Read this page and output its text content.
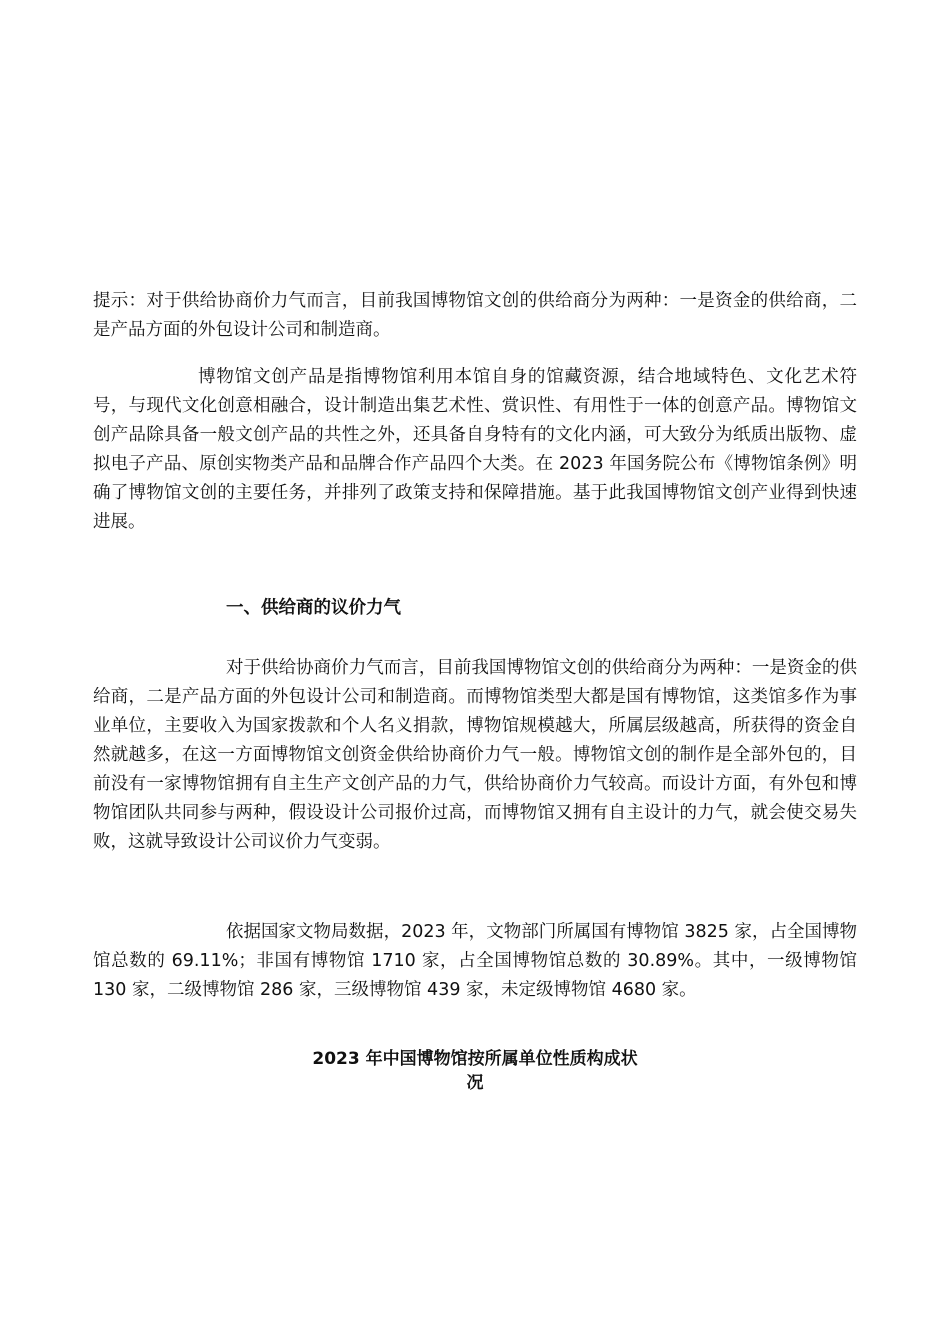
提示：对于供给协商价力气而言，目前我国博物馆文创的供给商分为两种：一是资金的供给商，二是产品方面的外包设计公司和制造商。

博物馆文创产品是指博物馆利用本馆自身的馆藏资源，结合地域特色、文化艺术符号，与现代文化创意相融合，设计制造出集艺术性、赏识性、有用性于一体的创意产品。博物馆文创产品除具备一般文创产品的共性之外，还具备自身特有的文化内涵，可大致分为纸质出版物、虚拟电子产品、原创实物类产品和品牌合作产品四个大类。在 2023 年国务院公布《博物馆条例》明确了博物馆文创的主要任务，并排列了政策支持和保障措施。基于此我国博物馆文创产业得到快速进展。

一、供给商的议价力气

对于供给协商价力气而言，目前我国博物馆文创的供给商分为两种：一是资金的供给商，二是产品方面的外包设计公司和制造商。而博物馆类型大都是国有博物馆，这类馆多作为事业单位，主要收入为国家拨款和个人名义捐款，博物馆规模越大，所属层级越高，所获得的资金自然就越多，在这一方面博物馆文创资金供给协商价力气一般。博物馆文创的制作是全部外包的，目前没有一家博物馆拥有自主生产文创产品的力气，供给协商价力气较高。而设计方面，有外包和博物馆团队共同参与两种，假设设计公司报价过高，而博物馆又拥有自主设计的力气，就会使交易失败，这就导致设计公司议价力气变弱。

依据国家文物局数据，2023 年，文物部门所属国有博物馆 3825 家，占全国博物馆总数的 69.11%；非国有博物馆 1710 家，占全国博物馆总数的 30.89%。其中，一级博物馆 130 家，二级博物馆 286 家，三级博物馆 439 家，未定级博物馆 4680 家。

2023 年中国博物馆按所属单位性质构成状
况
